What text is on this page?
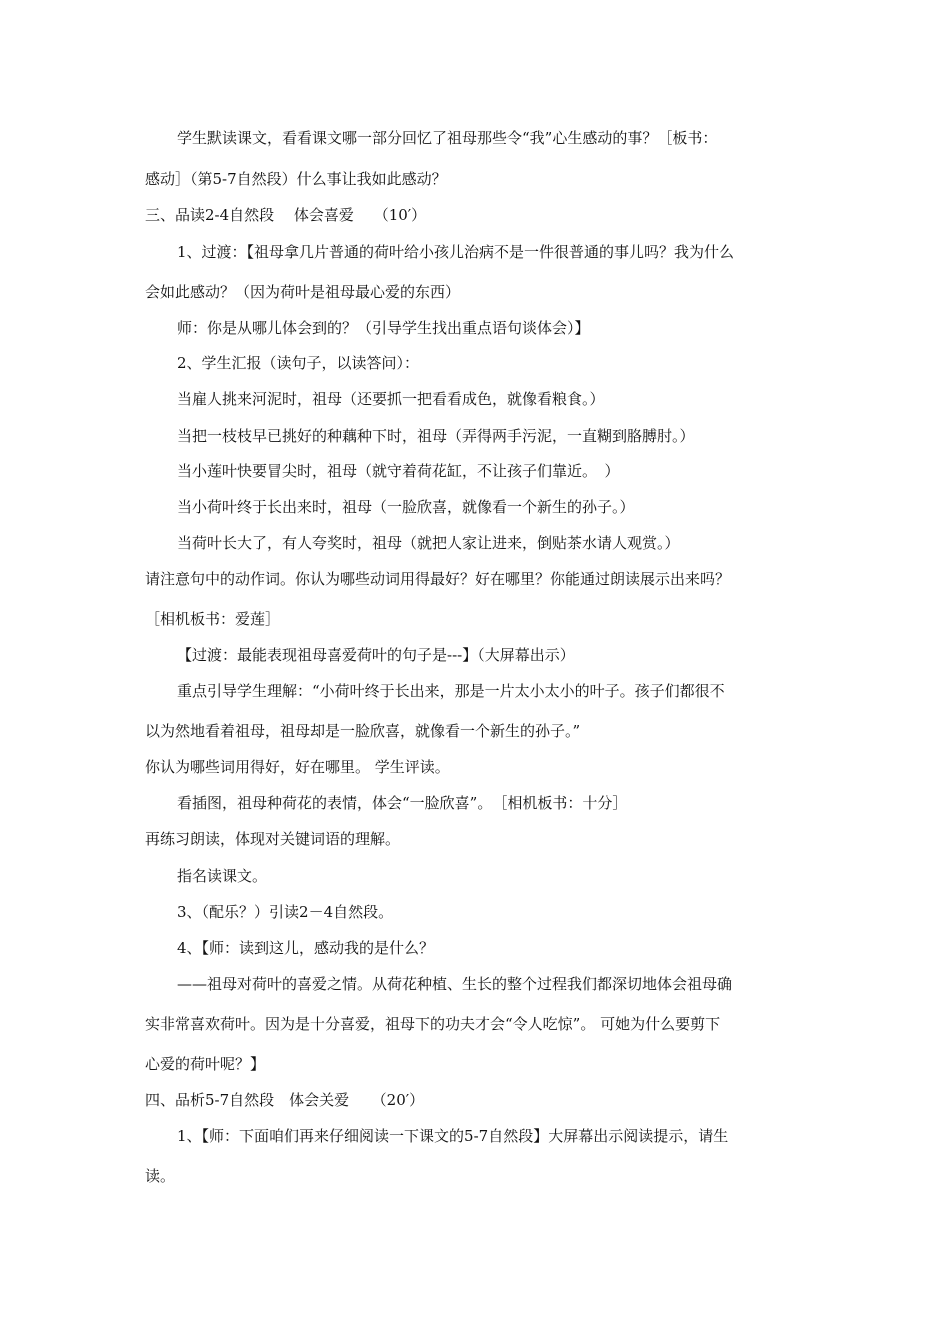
学生默读课文，看看课文哪一部分回忆了祖母那些令“我”心生感动的事？［板书：
感动］（第5-7自然段）什么事让我如此感动？
三、品读2-4自然段　 体会喜爱　 （10′）
1、过渡：【祖母拿几片普通的荷叶给小孩儿治病不是一件很普通的事儿吗？我为什么
会如此感动？（因为荷叶是祖母最心爱的东西）
师：你是从哪儿体会到的？（引导学生找出重点语句谈体会）】
2、学生汇报（读句子，以读答问）：
当雇人挑来河泥时，祖母（还要抓一把看看成色，就像看粮食。）
当把一枝枝早已挑好的种藕种下时，祖母（弄得两手污泥，一直糊到胳膊肘。）
当小莲叶快要冒尖时，祖母（就守着荷花缸，不让孩子们靠近。　）
当小荷叶终于长出来时，祖母（一脸欣喜，就像看一个新生的孙子。）
当荷叶长大了，有人夸奖时，祖母（就把人家让进来，倒贴茶水请人观赏。）
请注意句中的动作词。你认为哪些动词用得最好？好在哪里？你能通过朗读展示出来吗？
［相机板书：爱莲］
【过渡：最能表现祖母喜爱荷叶的句子是---】（大屏幕出示）
重点引导学生理解：“小荷叶终于长出来，那是一片太小太小的叶子。孩子们都很不
以为然地看着祖母，祖母却是一脸欣喜，就像看一个新生的孙子。”
你认为哪些词用得好，好在哪里。 学生评读。
看插图，祖母种荷花的表情，体会“一脸欣喜”。　［相机板书：十分］
再练习朗读，体现对关键词语的理解。
指名读课文。
3、（配乐？）引读2－4自然段。
4、【师：读到这儿，感动我的是什么？
——祖母对荷叶的喜爱之情。从荷花种植、生长的整个过程我们都深切地体会祖母确
实非常喜欢荷叶。因为是十分喜爱，祖母下的功夫才会“令人吃惊”。 可她为什么要剪下
心爱的荷叶呢？】
四、品析5-7自然段　体会关爱　　（20′）
1、【师：下面咱们再来仔细阅读一下课文的5-7自然段】大屏幕出示阅读提示，请生
读。
